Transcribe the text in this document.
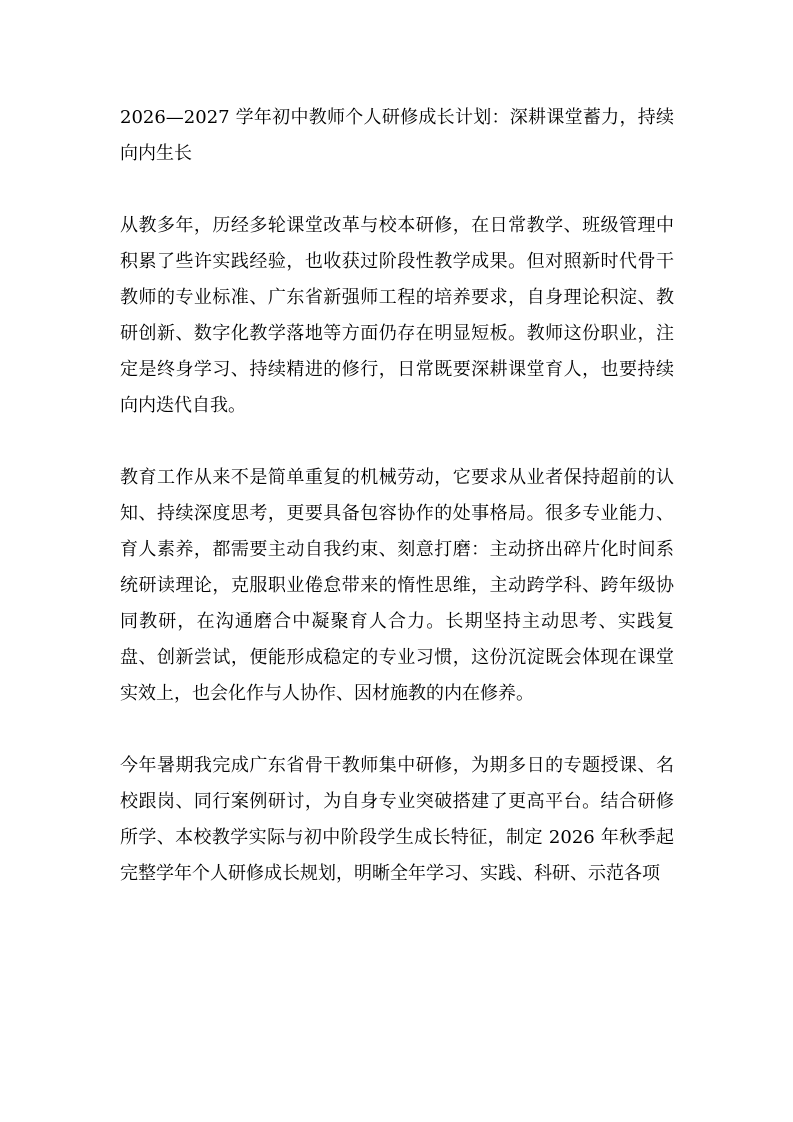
2026—2027 学年初中教师个人研修成长计划：深耕课堂蓄力，持续向内生长

从教多年，历经多轮课堂改革与校本研修，在日常教学、班级管理中积累了些许实践经验，也收获过阶段性教学成果。但对照新时代骨干教师的专业标准、广东省新强师工程的培养要求，自身理论积淀、教研创新、数字化教学落地等方面仍存在明显短板。教师这份职业，注定是终身学习、持续精进的修行，日常既要深耕课堂育人，也要持续向内迭代自我。

教育工作从来不是简单重复的机械劳动，它要求从业者保持超前的认知、持续深度思考，更要具备包容协作的处事格局。很多专业能力、育人素养，都需要主动自我约束、刻意打磨：主动挤出碎片化时间系统研读理论，克服职业倦怠带来的惰性思维，主动跨学科、跨年级协同教研，在沟通磨合中凝聚育人合力。长期坚持主动思考、实践复盘、创新尝试，便能形成稳定的专业习惯，这份沉淀既会体现在课堂实效上，也会化作与人协作、因材施教的内在修养。

今年暑期我完成广东省骨干教师集中研修，为期多日的专题授课、名校跟岗、同行案例研讨，为自身专业突破搭建了更高平台。结合研修所学、本校教学实际与初中阶段学生成长特征，制定 2026 年秋季起完整学年个人研修成长规划，明晰全年学习、实践、科研、示范各项
